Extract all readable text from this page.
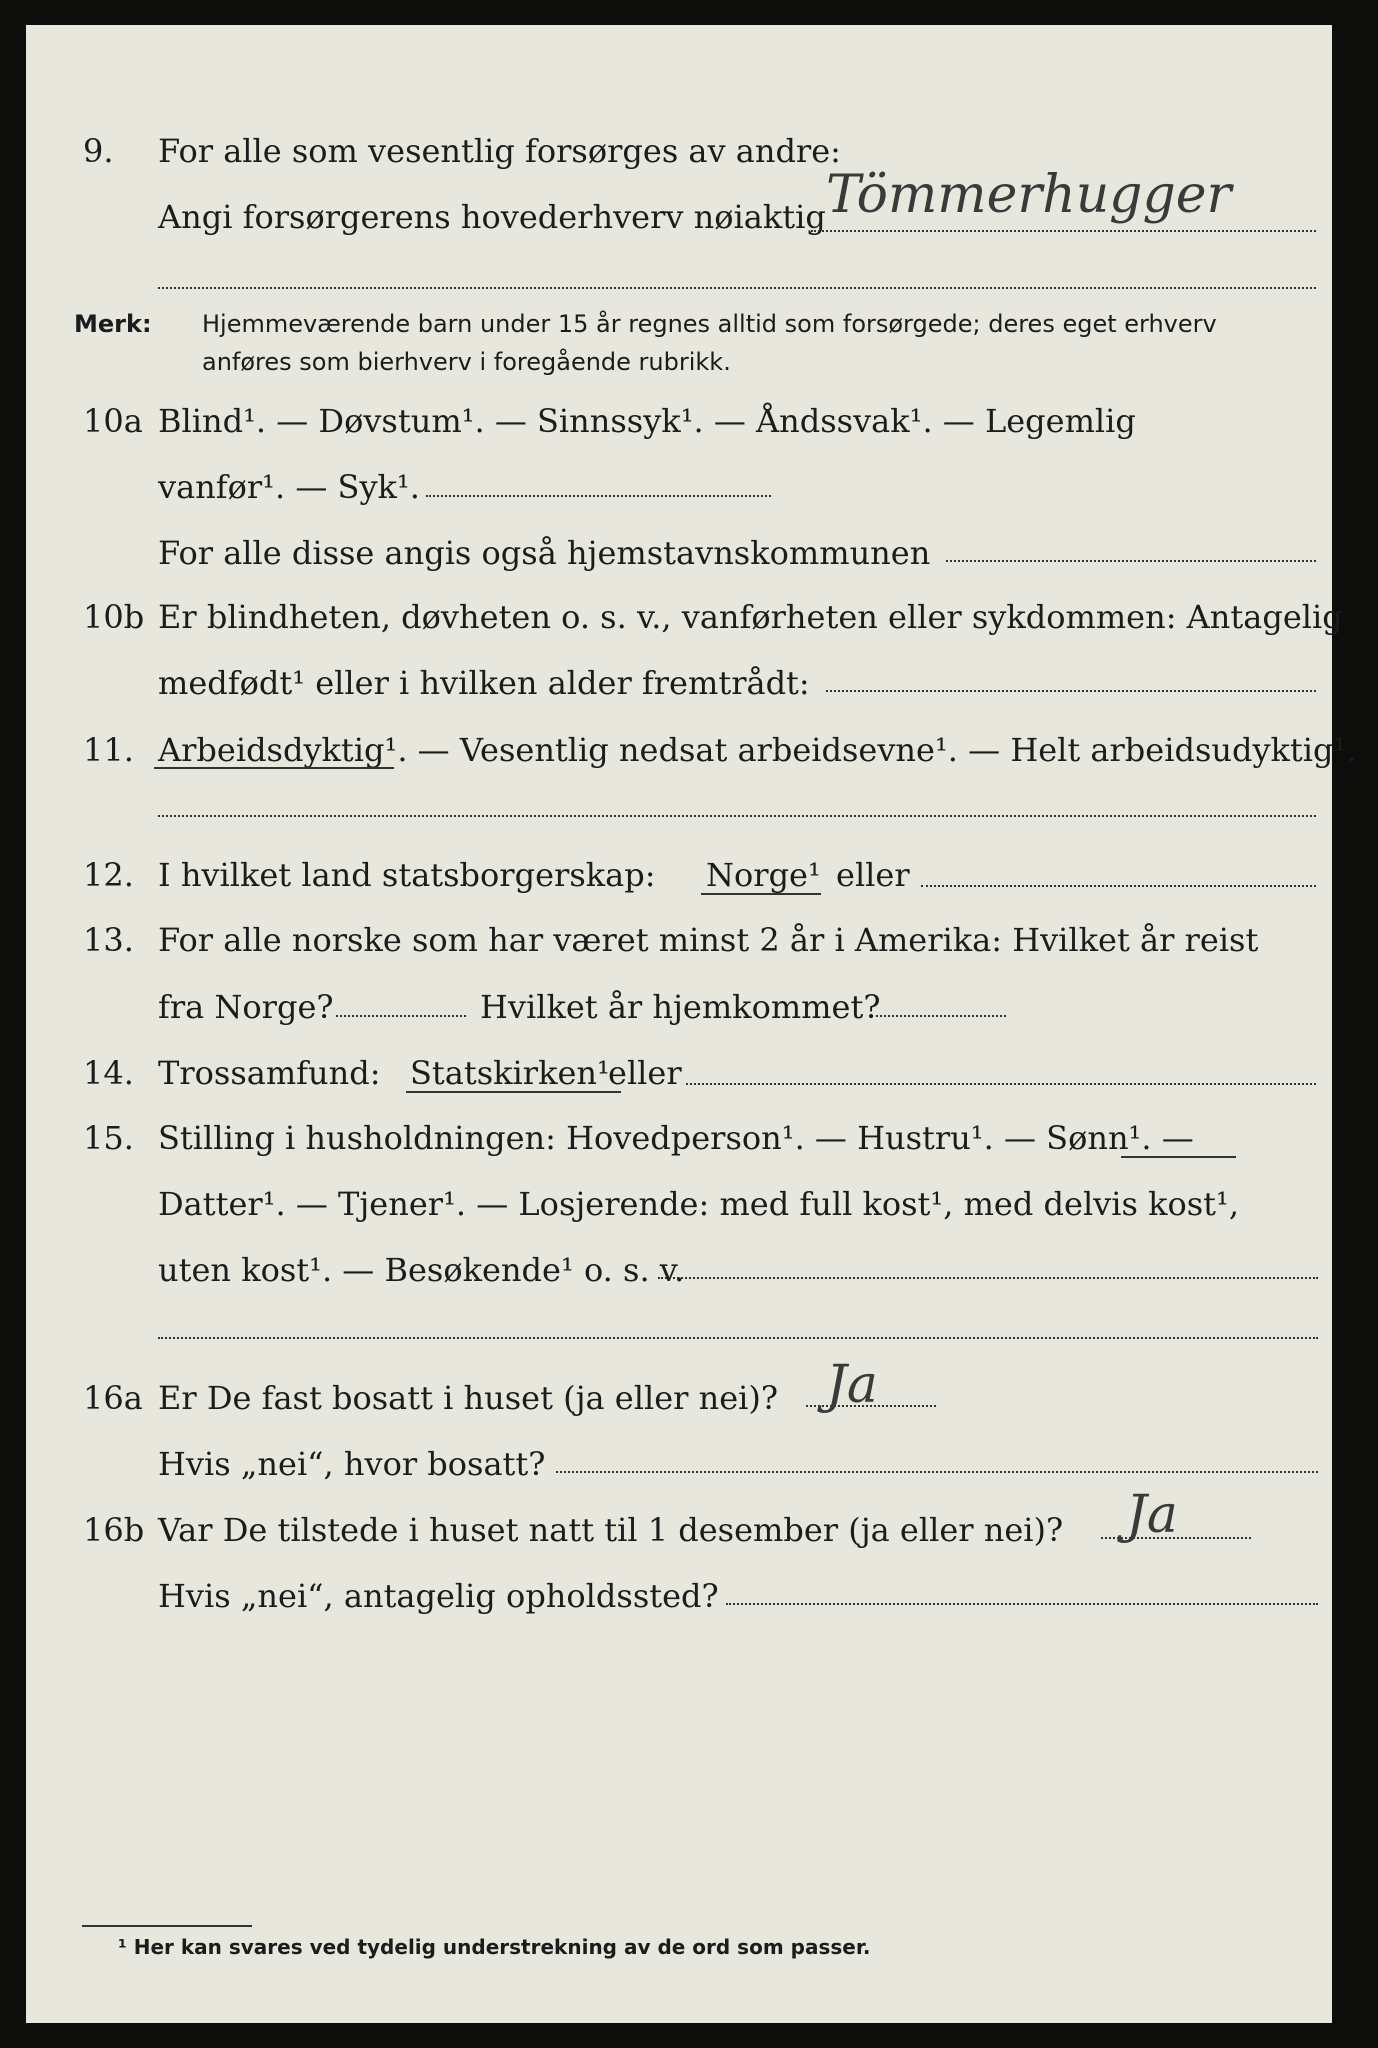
9. For alle som vesentlig forsørges av andre:
Angi forsørgerens hovederhverv nøiaktig Tömmerhugger
Merk: Hjemmeværende barn under 15 år regnes alltid som forsørgede; deres eget erhverv
anføres som bierhverv i foregående rubrikk.
10a Blind¹. — Døvstum¹. — Sinnssyk¹. — Åndssvak¹. — Legemlig
vanfør¹. — Syk¹.
For alle disse angis også hjemstavnskommunen
10b Er blindheten, døvheten o. s. v., vanførheten eller sykdommen: Antagelig
medfødt¹ eller i hvilken alder fremtrådt:
11. Arbeidsdyktig¹. — Vesentlig nedsat arbeidsevne¹. — Helt arbeidsudyktig¹.
12. I hvilket land statsborgerskap: Norge¹ eller
13. For alle norske som har været minst 2 år i Amerika: Hvilket år reist
fra Norge?	Hvilket år hjemkommet?
14. Trossamfund: Statskirken¹
eller
15. Stilling i husholdningen: Hovedperson¹. — Hustru¹. — Sønn¹. —
Datter¹. — Tjener¹. — Losjerende: med full kost¹, med delvis kost¹,
uten kost¹. — Besøkende¹ o. s. v.
16a Er De fast bosatt i huset (ja eller nei)? Ja
Hvis „nei“, hvor bosatt?
16b Var De tilstede i huset natt til 1 desember (ja eller nei)? Ja
Hvis „nei“, antagelig opholdssted?
¹ Her kan svares ved tydelig understrekning av de ord som passer.
